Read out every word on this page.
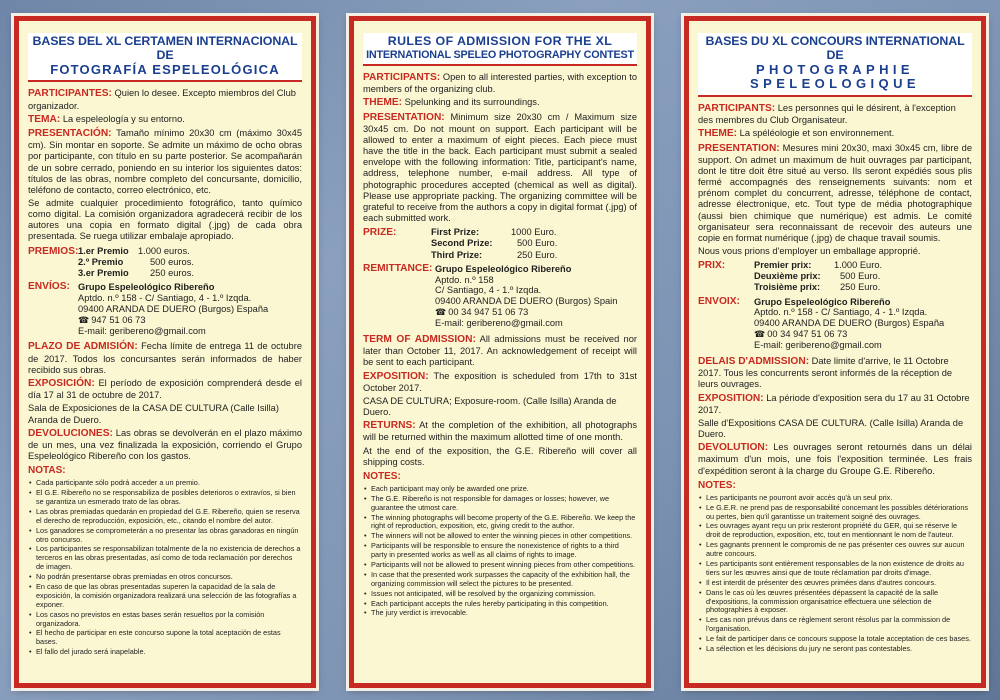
BASES DEL XL CERTAMEN INTERNACIONAL DE
FOTOGRAFÍA ESPELEOLÓGICA
PARTICIPANTES: Quien lo desee. Excepto miembros del Club organizador.
TEMA: La espeleología y su entorno.
PRESENTACIÓN: Tamaño mínimo 20x30 cm (máximo 30x45 cm). Sin montar en soporte. Se admite un máximo de ocho obras por participante, con título en su parte posterior. Se acompañarán de un sobre cerrado, poniendo en su interior los siguientes datos: títulos de las obras, nombre completo del concursante, domicilio, teléfono de contacto, correo electrónico, etc.
Se admite cualquier procedimiento fotográfico, tanto químico como digital. La comisión organizadora agradecerá recibir de los autores una copia en formato digital (.jpg) de cada obra presentada. Se ruega utilizar embalaje apropiado.
PREMIOS: 1.er Premio	1.000 euros.
2.º Premio	500 euros.
3.er Premio	250 euros.
ENVÍOS: Grupo Espeleológico Ribereño
Aptdo. n.º 158 - C/ Santiago, 4 - 1.º Izqda.
09400 ARANDA DE DUERO (Burgos) España
☎ 947 51 06 73
E-mail: geribereno@gmail.com
PLAZO DE ADMISIÓN: Fecha límite de entrega 11 de octubre de 2017. Todos los concursantes serán informados de haber recibido sus obras.
EXPOSICIÓN: El período de exposición comprenderá desde el día 17 al 31 de octubre de 2017.
Sala de Exposiciones de la CASA DE CULTURA (Calle Isilla) Aranda de Duero.
DEVOLUCIONES: Las obras se devolverán en el plazo máximo de un mes, una vez finalizada la exposición, corriendo el Grupo Espeleológico Ribereño con los gastos.
NOTAS:
• Cada participante sólo podrá acceder a un premio.
• El G.E. Ribereño no se responsabiliza de posibles deterioros o extravíos, si bien se garantiza un esmerado trato de las obras.
• Las obras premiadas quedarán en propiedad del G.E. Ribereño, quien se reserva el derecho de reproducción, exposición, etc., citando el nombre del autor.
• Los ganadores se comprometerán a no presentar las obras ganadoras en ningún otro concurso.
• Los participantes se responsabilizan totalmente de la no existencia de derechos a terceros en las obras presentadas, así como de toda reclamación por derechos de imagen.
• No podrán presentarse obras premiadas en otros concursos.
• En caso de que las obras presentadas superen la capacidad de la sala de exposición, la comisión organizadora realizará una selección de las fotografías a exponer.
• Los casos no previstos en estas bases serán resueltos por la comisión organizadora.
• El hecho de participar en este concurso supone la total aceptación de estas bases.
• El fallo del jurado será inapelable.
RULES OF ADMISSION FOR THE XL
INTERNATIONAL SPELEO PHOTOGRAPHY CONTEST
PARTICIPANTS: Open to all interested parties, with exception to members of the organizing club.
THEME: Spelunking and its surroundings.
PRESENTATION: Minimum size 20x30 cm / Maximum size 30x45 cm. Do not mount on support. Each participant will be allowed to enter a maximum of eight pieces. Each piece must have the title in the back. Each participant must submit a sealed envelope with the following information: Title, participant's name, address, telephone number, e-mail address. All type of photographic procedures accepted (chemical as well as digital). Please use appropriate packing. The organizing committee will be grateful to receive from the authors a copy in digital format (.jpg) of each submitted work.
PRIZE:	First Prize:	1000 Euro.
Second Prize:	500 Euro.
Third Prize:	250 Euro.
REMITTANCE: Grupo Espeleológico Ribereño
Aptdo. n.º 158
C/ Santiago, 4 - 1.º Izqda.
09400 ARANDA DE DUERO (Burgos) Spain
☎ 00 34 947 51 06 73
E-mail: geribereno@gmail.com
TERM OF ADMISSION: All admissions must be received nor later than October 11, 2017. An acknowledgement of receipt will be sent to each participant.
EXPOSITION: The exposition is scheduled from 17th to 31st October 2017.
CASA DE CULTURA; Exposure-room. (Calle Isilla) Aranda de Duero.
RETURNS: At the completion of the exhibition, all photographs will be returned within the maximum allotted time of one month.
At the end of the exposition, the G.E. Ribereño will cover all shipping costs.
NOTES:
• Each participant may only be awarded one prize.
• The G.E. Ribereño is not responsible for damages or losses; however, we guarantee the utmost care.
• The winning photographs will become property of the G.E. Ribereño. We keep the right of reproduction, exposition, etc, giving credit to the author.
• The winners will not be allowed to enter the winning pieces in other competitions.
• Participants will be responsible to ensure the nonexistence of rights to a third party in presented works as well as all claims of rights to image.
• Participants will not be allowed to present winning pieces from other competitions.
• In case that the presented work surpasses the capacity of the exhibition hall, the organizing commission will select the pictures to be presented.
• Issues not anticipated, will be resolved by the organizing commission.
• Each participant accepts the rules hereby participating in this competition.
• The jury verdict is irrevocable.
BASES DU XL CONCOURS INTERNATIONAL DE
PHOTOGRAPHIE SPELEOLOGIQUE
PARTICIPANTS: Les personnes qui le désirent, à l'exception des membres du Club Organisateur.
THEME: La spéléologie et son environnement.
PRESENTATION: Mesures mini 20x30, maxi 30x45 cm, libre de support. On admet un maximum de huit ouvrages par participant, dont le titre doit être situé au verso. Ils seront expédiés sous plis fermé accompagnés des renseignements suivants: nom et prénom complet du concurrent, adresse, téléphone de contact, adresse électronique, etc. Tout type de média photographique (aussi bien chimique que numérique) est admis. Le comité organisateur sera reconnaissant de recevoir des auteurs une copie en format numérique (.jpg) de chaque travail soumis.
Nous vous prions d'employer un emballage approprié.
PRIX:	Premier prix:	1.000 Euro.
Deuxième prix:	500 Euro.
Troisième prix:	250 Euro.
ENVOIX:	Grupo Espeleológico Ribereño
Aptdo. n.º 158 - C/ Santiago, 4 - 1.º Izqda.
09400 ARANDA DE DUERO (Burgos) España
☎ 00 34 947 51 06 73
E-mail: geribereno@gmail.com
DELAIS D'ADMISSION: Date limite d'arrive, le 11 Octobre 2017. Tous les concurrents seront informés de la réception de leurs ouvrages.
EXPOSITION: La période d'exposition sera du 17 au 31 Octobre 2017.
Salle d'Expositions CASA DE CULTURA. (Calle Isilla) Aranda de Duero.
DEVOLUTION: Les ouvrages seront retournés dans un délai maximum d'un mois, une fois l'exposition terminée. Les frais d'expédition seront à la charge du Groupe G.E. Ribereño.
NOTES:
• Les participants ne pourront avoir accès qu'à un seul prix.
• Le G.E.R. ne prend pas de responsabilité concernant les possibles détériorations ou pertes, bien qu'il garantisse un traitement soigné des ouvrages.
• Les ouvrages ayant reçu un prix resteront propriété du GER, qui se réserve le droit de reproduction, exposition, etc, tout en mentionnant le nom de l'auteur.
• Les gagnants prennent le compromis de ne pas présenter ces ouvres sur aucun autre concours.
• Les participants sont entièrement responsables de la non existence de droits au tiers sur les œuvres ainsi que de toute réclamation par droits d'image.
• Il est interdit de présenter des œuvres primées dans d'autres concours.
• Dans le cas où les œuvres présentées dépassent la capacité de la salle d'expositions, la commission organisatrice effectuera une sélection de photographies à exposer.
• Les cas non prévus dans ce règlement seront résolus par la commission de l'organisation.
• Le fait de participer dans ce concours suppose la totale acceptation de ces bases.
• La sélection et les décisions du jury ne seront pas contestables.
